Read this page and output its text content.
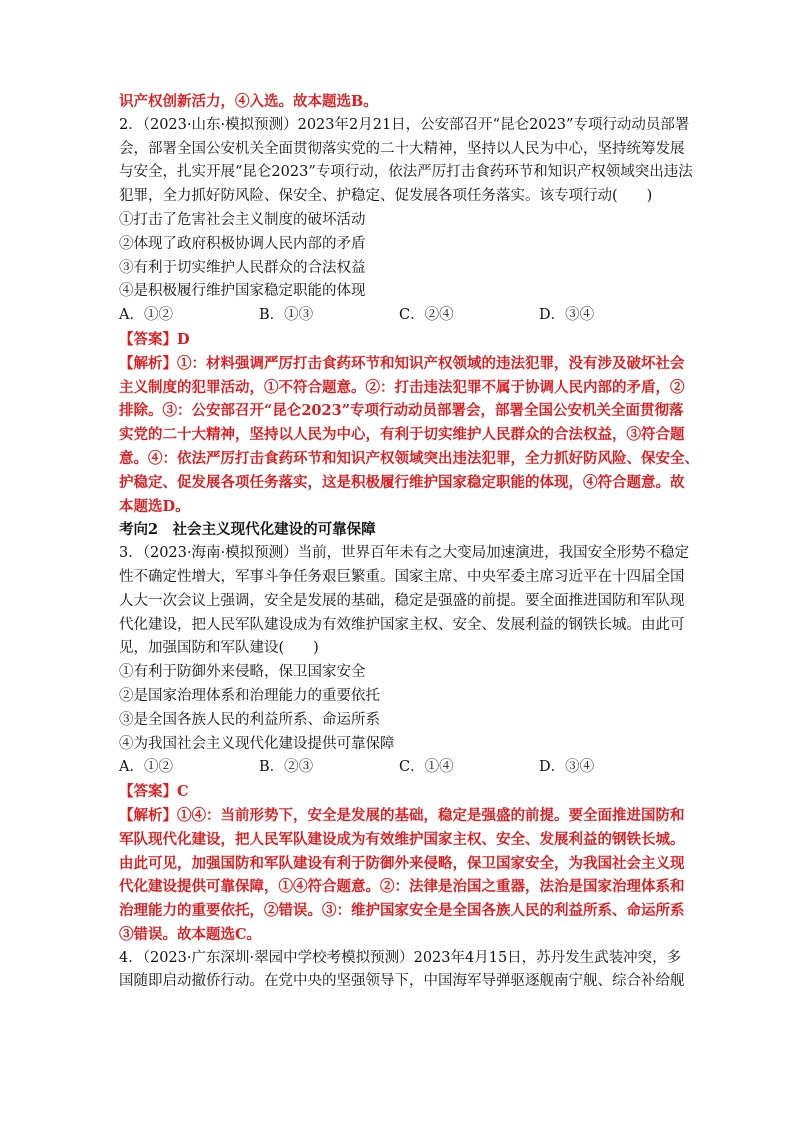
识产权创新活力，④入选。故本题选B。
2．（2023·山东·模拟预测）2023年2月21日，公安部召开“昆仑2023”专项行动动员部署
会，部署全国公安机关全面贯彻落实党的二十大精神，坚持以人民为中心，坚持统筹发展
与安全，扎实开展“昆仑2023”专项行动，依法严厉打击食药环节和知识产权领域突出违法
犯罪，全力抓好防风险、保安全、护稳定、促发展各项任务落实。该专项行动(　　)
①打击了危害社会主义制度的破坏活动
②体现了政府积极协调人民内部的矛盾
③有利于切实维护人民群众的合法权益
④是积极履行维护国家稳定职能的体现
A．①②	B．①③	C．②④	D．③④
【答案】D
【解析】①：材料强调严厉打击食药环节和知识产权领域的违法犯罪，没有涉及破坏社会
主义制度的犯罪活动，①不符合题意。②：打击违法犯罪不属于协调人民内部的矛盾，②
排除。③：公安部召开“昆仑2023”专项行动动员部署会，部署全国公安机关全面贯彻落
实党的二十大精神，坚持以人民为中心，有利于切实维护人民群众的合法权益，③符合题
意。④：依法严厉打击食药环节和知识产权领域突出违法犯罪，全力抓好防风险、保安全、
护稳定、促发展各项任务落实，这是积极履行维护国家稳定职能的体现，④符合题意。故
本题选D。
考向2　社会主义现代化建设的可靠保障
3．（2023·海南·模拟预测）当前，世界百年未有之大变局加速演进，我国安全形势不稳定
性不确定性增大，军事斗争任务艰巨繁重。国家主席、中央军委主席习近平在十四届全国
人大一次会议上强调，安全是发展的基础，稳定是强盛的前提。要全面推进国防和军队现
代化建设，把人民军队建设成为有效维护国家主权、安全、发展利益的钢铁长城。由此可
见，加强国防和军队建设(　　)
①有利于防御外来侵略，保卫国家安全
②是国家治理体系和治理能力的重要依托
③是全国各族人民的利益所系、命运所系
④为我国社会主义现代化建设提供可靠保障
A．①②	B．②③	C．①④	D．③④
【答案】C
【解析】①④：当前形势下，安全是发展的基础，稳定是强盛的前提。要全面推进国防和
军队现代化建设，把人民军队建设成为有效维护国家主权、安全、发展利益的钢铁长城。
由此可见，加强国防和军队建设有利于防御外来侵略，保卫国家安全，为我国社会主义现
代化建设提供可靠保障，①④符合题意。②：法律是治国之重器，法治是国家治理体系和
治理能力的重要依托，②错误。③：维护国家安全是全国各族人民的利益所系、命运所系
③错误。故本题选C。
4．（2023·广东深圳·翠园中学校考模拟预测）2023年4月15日，苏丹发生武装冲突，多
国随即启动撤侨行动。在党中央的坚强领导下，中国海军导弹驱逐舰南宁舰、综合补给舰
